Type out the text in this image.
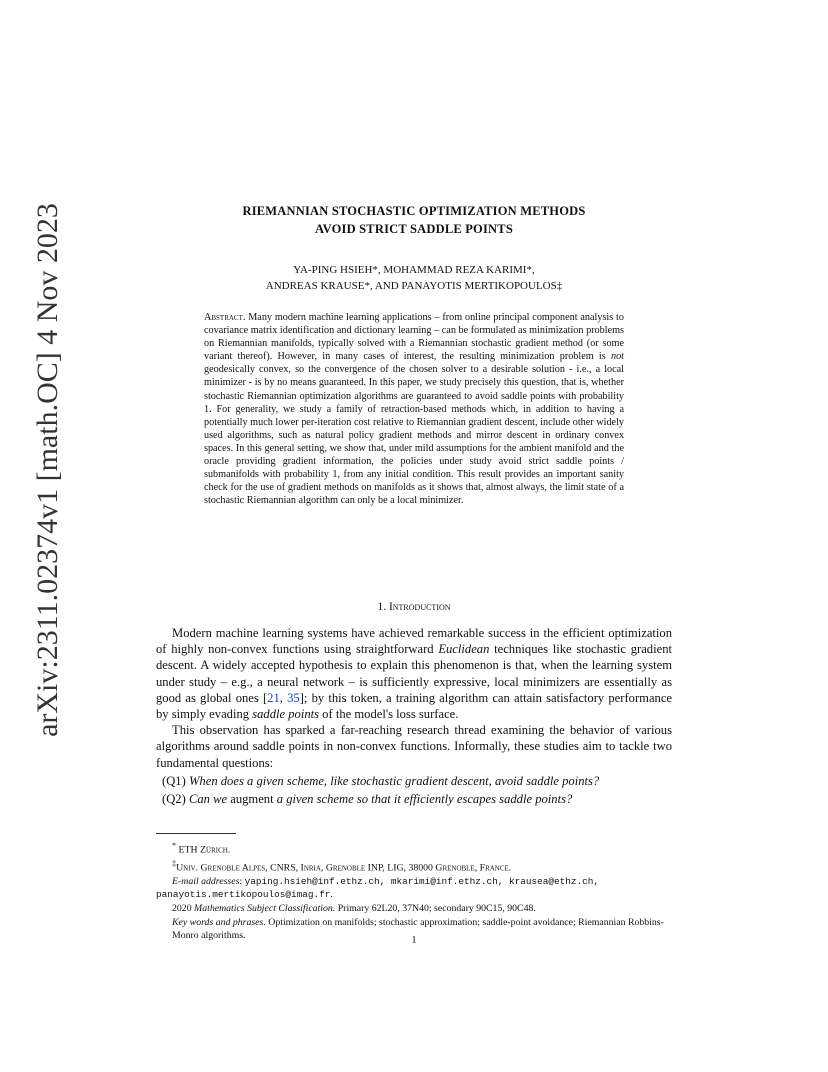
arXiv:2311.02374v1 [math.OC] 4 Nov 2023	RIEMANNIAN STOCHASTIC OPTIMIZATION METHODS
AVOID STRICT SADDLE POINTS
YA-PING HSIEH*, MOHAMMAD REZA KARIMI*,
ANDREAS KRAUSE*, AND PANAYOTIS MERTIKOPOULOS‡
Abstract. Many modern machine learning applications – from online principal component analysis to covariance matrix identification and dictionary learning – can be formulated as minimization problems on Riemannian manifolds, typically solved with a Riemannian stochastic gradient method (or some variant thereof). However, in many cases of interest, the resulting minimization problem is not geodesically convex, so the convergence of the chosen solver to a desirable solution - i.e., a local minimizer - is by no means guaranteed. In this paper, we study precisely this question, that is, whether stochastic Riemannian optimization algorithms are guaranteed to avoid saddle points with probability 1. For generality, we study a family of retraction-based methods which, in addition to having a potentially much lower per-iteration cost relative to Riemannian gradient descent, include other widely used algorithms, such as natural policy gradient methods and mirror descent in ordinary convex spaces. In this general setting, we show that, under mild assumptions for the ambient manifold and the oracle providing gradient information, the policies under study avoid strict saddle points / submanifolds with probability 1, from any initial condition. This result provides an important sanity check for the use of gradient methods on manifolds as it shows that, almost always, the limit state of a stochastic Riemannian algorithm can only be a local minimizer.
1. Introduction

Modern machine learning systems have achieved remarkable success in the efficient optimization of highly non-convex functions using straightforward Euclidean techniques like stochastic gradient descent. A widely accepted hypothesis to explain this phenomenon is that, when the learning system under study – e.g., a neural network – is sufficiently expressive, local minimizers are essentially as good as global ones [21, 35]; by this token, a training algorithm can attain satisfactory performance by simply evading saddle points of the model's loss surface.

This observation has sparked a far-reaching research thread examining the behavior of various algorithms around saddle points in non-convex functions. Informally, these studies aim to tackle two fundamental questions:

(Q1) When does a given scheme, like stochastic gradient descent, avoid saddle points?
(Q2) Can we augment a given scheme so that it efficiently escapes saddle points?
* ETH Zürich.
‡Univ. Grenoble Alpes, CNRS, Inria, Grenoble INP, LIG, 38000 Grenoble, France.
E-mail addresses: yaping.hsieh@inf.ethz.ch, mkarimi@inf.ethz.ch, krausea@ethz.ch,
panayotis.mertikopoulos@imag.fr.
2020 Mathematics Subject Classification. Primary 62L20, 37N40; secondary 90C15, 90C48.
Key words and phrases. Optimization on manifolds; stochastic approximation; saddle-point avoidance; Riemannian Robbins-Monro algorithms.	1
